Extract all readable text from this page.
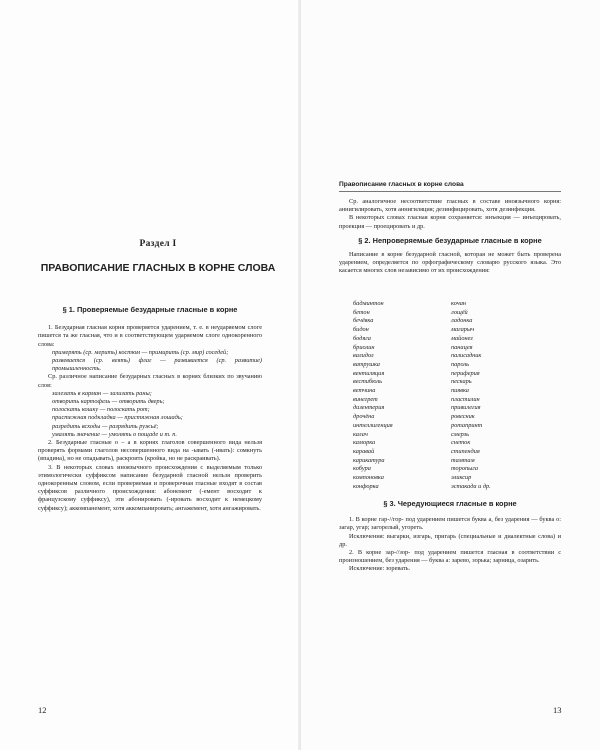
Раздел I
ПРАВОПИСАНИЕ ГЛАСНЫХ В КОРНЕ СЛОВА

§ 1. Проверяемые безударные гласные в корне

1. Безударная гласная корня проверяется ударением, т. е. в неударяемом слоге пишется та же гласная, что и в соответствующем ударяемом слоге однокоренного слова:

примерять (ср. мерить) костюм — примирить (ср. мир) соседей;

развевается (ср. веять) флаг — развивается (ср. развитие) промышленность.

Ср. различное написание безударных гласных в корнях близких по звучанию слов:

залезать в карман — зализать раны;

отворить картофель — отворить дверь;

полоскать кошку — полоскать рот;

пристежная подкладка — пристяжная лошадь;

разредить всходы — разрядить ружьё;

умалять значение — умолять о пощаде и т. п.

2. Безударные гласные о – а в корнях глаголов совершенного вида нельзя проверять формами глаголов несовершенного вида на -ывать (-ивать): сомкнуть (впадина), но не опадывать), раскроить (кройка, но не раскраивать).

3. В некоторых словах иноязычного происхождения с выделяемым только этимологически суффиксом написание безударной гласной нельзя проверить однокоренным словом, если проверяемая и проверочная гласные входят в состав суффиксов различного происхождения: абонемент (-емент восходит к французскому суффиксу), эти абонировать (-ировать восходит к немецкому суффиксу); аккомпанемент, хотя аккомпанировать; ангажемент, хотя ангажировать.

12
Правописание гласных в корне слова

Ср. аналогичное несоответствие гласных в составе иноязычного корня: аннигилировать, хотя аннигиляция; дезинфицировать, хотя дезинфекция.

В некоторых словах гласная корня сохраняется: инъекция — инъецировать, проекция — проецировать и др.

§ 2. Непроверяемые безударные гласные в корне

Написание в корне безударной гласной, которая не может быть проверена ударением, определяется по орфографическому словарю русского языка. Это касается многих слов независимо от их происхождения:

бадминтон
бетон
бечёвка
бидон
бодяга
бриолин
валидол
ватрушка
вентиляция
вестибюль
ветчина
винегрет
дизентерия
дрочёна
интеллигенция
калач
каморка
каравай
карикатура
кобура
компоновка
конфорка
кочан
лощёй
ладонка
магарыч
майонез
панацея
палисадник
пароль
периферия
пескарь
пиявка
пластилин
привилегия
ровесник
ротапринт
смерзь
снеток
стипендия
тамтам
торопыга
эликсир
эстакада и др.

§ 3. Чередующиеся гласные в корне

1. В корне гар-//гор- под ударением пишется буква а, без ударения — буква о: загар, угар; загорелый, угореть.

Исключения: выгарки, изгарь, пригарь (специальные и диалектные слова) и др.

2. В корне зар-//зор- под ударением пишется гласная в соответствии с произношением, без ударения — буква а: зарево, зорька; зарница, озарить.

Исключение: зоревать.

13
